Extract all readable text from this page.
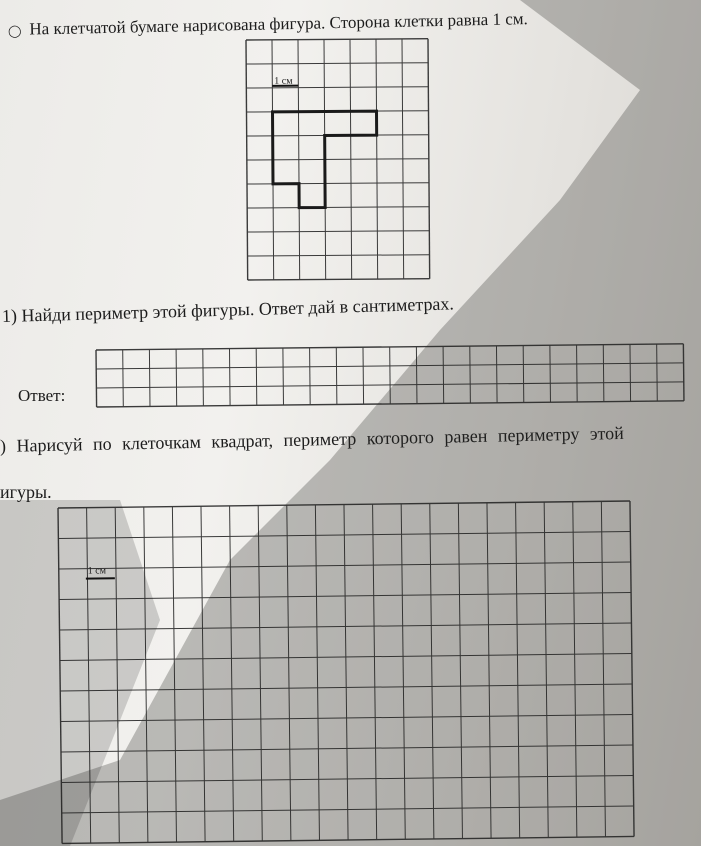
◯ На клетчатой бумаге нарисована фигура. Сторона клетки равна 1 см.
1 см
1 см
1) Найди периметр этой фигуры. Ответ дай в сантиметрах.
Ответ:
) Нарисуй по клеточкам квадрат, периметр которого равен периметру этой
игуры.
